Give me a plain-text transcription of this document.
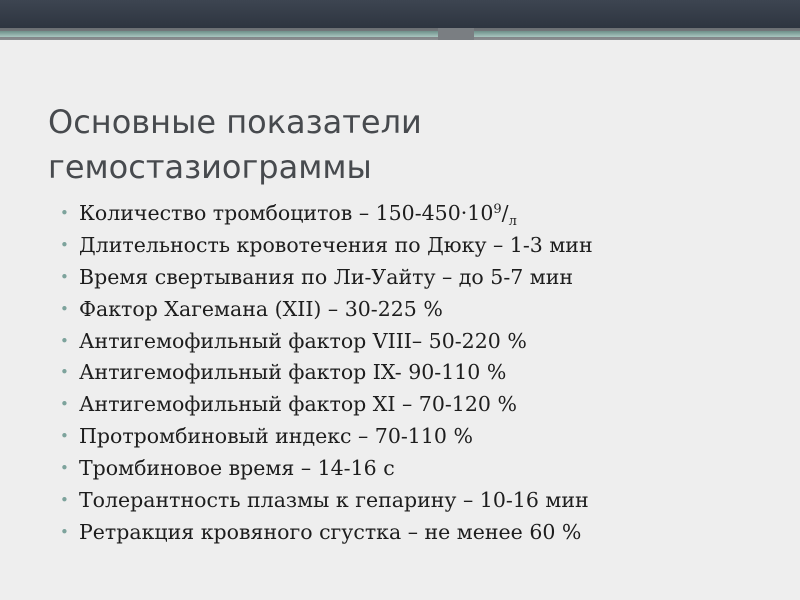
Основные показатели гемостазиограммы
• Количество тромбоцитов – $150-450\cdot 10^9/_л$
• Длительность кровотечения по Дюку – 1-3 мин
• Время свертывания по Ли-Уайту – до 5-7 мин
• Фактор Хагемана (XII) – 30-225 %
• Антигемофильный фактор VIII– 50-220 %
• Антигемофильный фактор IX- 90-110 %
• Антигемофильный фактор XI – 70-120 %
• Протромбиновый индекс – 70-110 %
• Тромбиновое время – 14-16 с
• Толерантность плазмы к гепарину – 10-16 мин
• Ретракция кровяного сгустка – не менее 60 %
